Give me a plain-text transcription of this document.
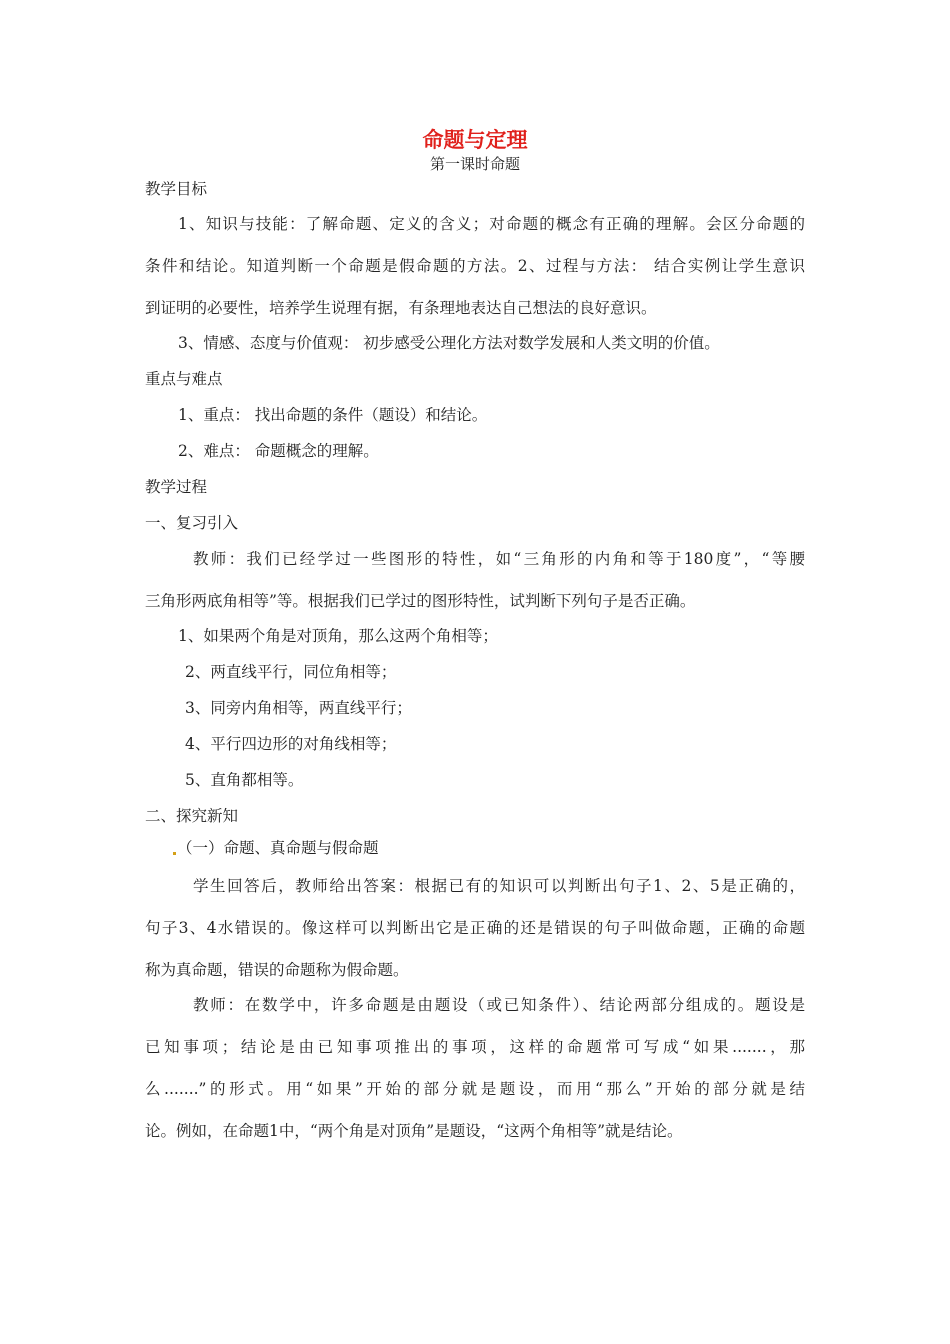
命题与定理
第一课时命题
教学目标
1、知识与技能：了解命题、定义的含义；对命题的概念有正确的理解。会区分命题的
条件和结论。知道判断一个命题是假命题的方法。2、过程与方法： 结合实例让学生意识
到证明的必要性，培养学生说理有据，有条理地表达自己想法的良好意识。
3、情感、态度与价值观： 初步感受公理化方法对数学发展和人类文明的价值。
重点与难点
1、重点： 找出命题的条件（题设）和结论。
2、难点： 命题概念的理解。
教学过程
一、复习引入
教师：我们已经学过一些图形的特性，如“三角形的内角和等于180度”，“等腰
三角形两底角相等”等。根据我们已学过的图形特性，试判断下列句子是否正确。
1、如果两个角是对顶角，那么这两个角相等；
2、两直线平行，同位角相等；
3、同旁内角相等，两直线平行；
4、平行四边形的对角线相等；
5、直角都相等。
二、探究新知
（一）命题、真命题与假命题
学生回答后，教师给出答案：根据已有的知识可以判断出句子1、2、5是正确的，
句子3、4水错误的。像这样可以判断出它是正确的还是错误的句子叫做命题，正确的命题
称为真命题，错误的命题称为假命题。
教师：在数学中，许多命题是由题设（或已知条件）、结论两部分组成的。题设是
已知事项；结论是由已知事项推出的事项，这样的命题常可写成“如果.......，那
么.......”的形式。用“如果”开始的部分就是题设，而用“那么”开始的部分就是结
论。例如，在命题1中，“两个角是对顶角”是题设，“这两个角相等”就是结论。
